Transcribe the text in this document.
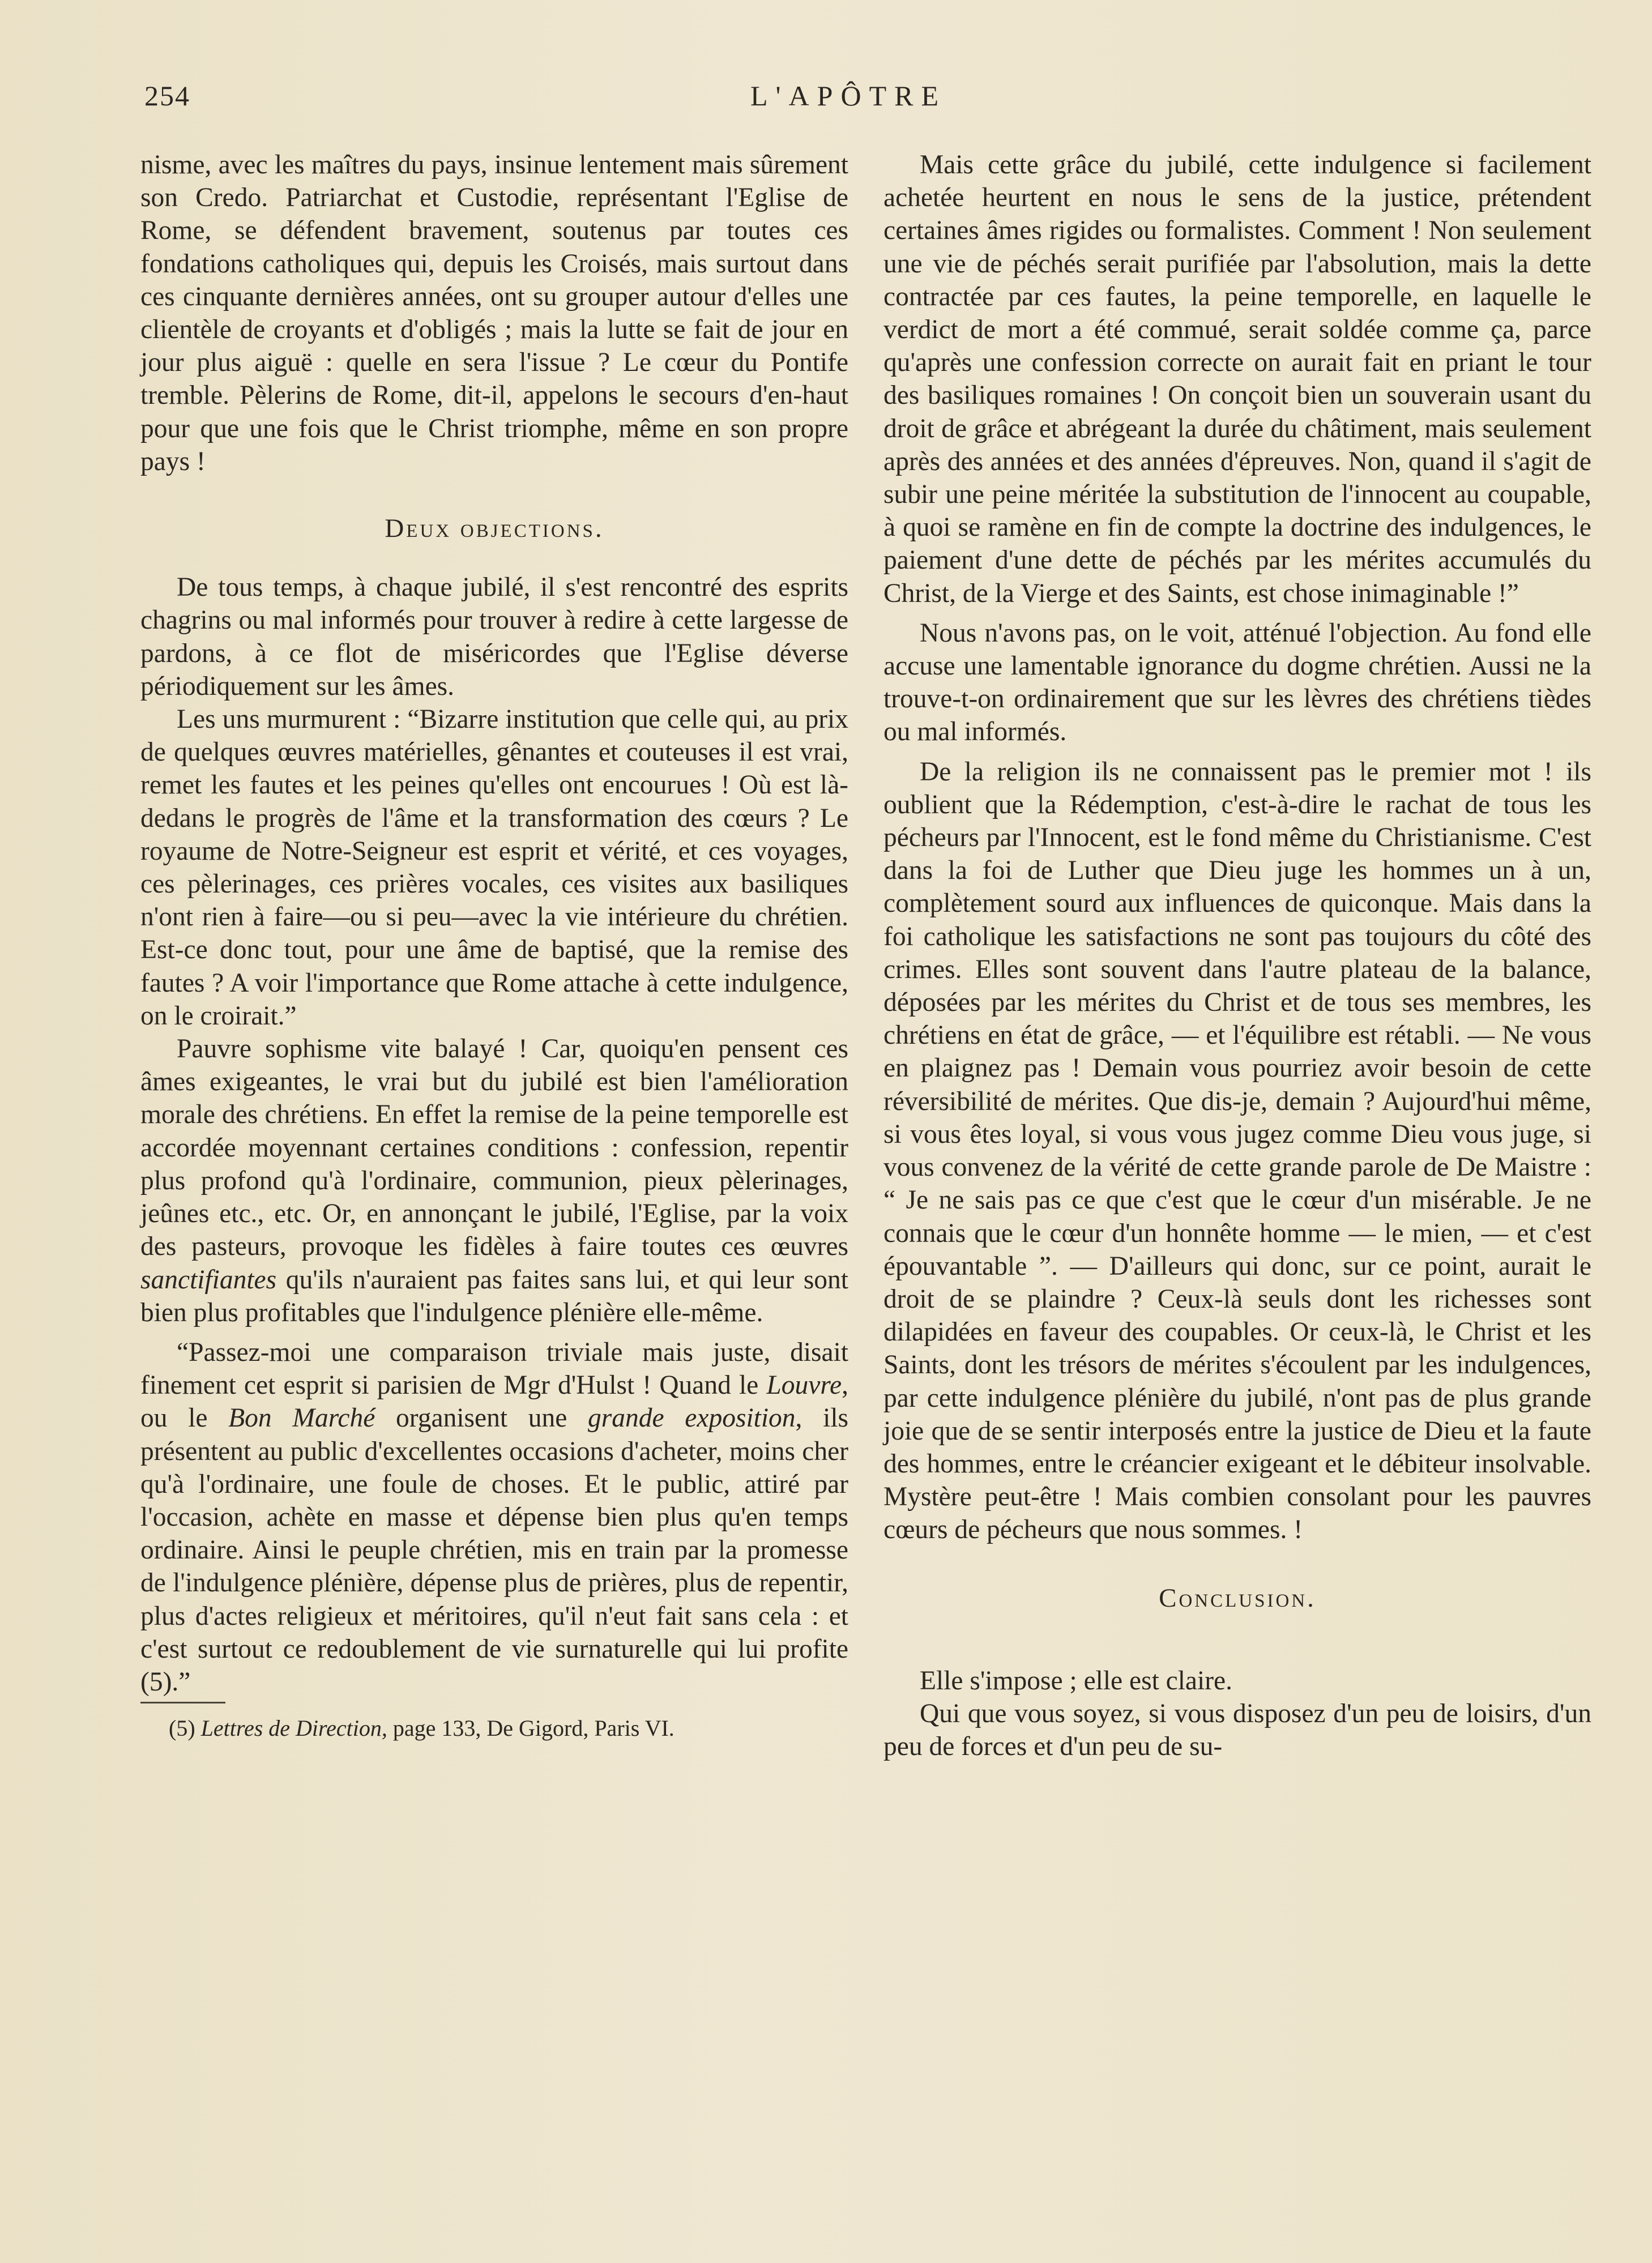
254	L'APÔTRE

nisme, avec les maîtres du pays, insinue lentement mais sûrement son Credo. Patriarchat et Custodie, représentant l'Eglise de Rome, se défendent bravement, soutenus par toutes ces fondations catholiques qui, depuis les Croisés, mais surtout dans ces cinquante dernières années, ont su grouper autour d'elles une clientèle de croyants et d'obligés ; mais la lutte se fait de jour en jour plus aiguë : quelle en sera l'issue ? Le cœur du Pontife tremble. Pèlerins de Rome, dit-il, appelons le secours d'en-haut pour que une fois que le Christ triomphe, même en son propre pays !

Deux objections.

De tous temps, à chaque jubilé, il s'est rencontré des esprits chagrins ou mal informés pour trouver à redire à cette largesse de pardons, à ce flot de miséricordes que l'Eglise déverse périodiquement sur les âmes.

Les uns murmurent : “Bizarre institution que celle qui, au prix de quelques œuvres matérielles, gênantes et couteuses il est vrai, remet les fautes et les peines qu'elles ont encourues ! Où est là-dedans le progrès de l'âme et la transformation des cœurs ? Le royaume de Notre-Seigneur est esprit et vérité, et ces voyages, ces pèlerinages, ces prières vocales, ces visites aux basiliques n'ont rien à faire—ou si peu—avec la vie intérieure du chrétien. Est-ce donc tout, pour une âme de baptisé, que la remise des fautes ? A voir l'importance que Rome attache à cette indulgence, on le croirait.”

Pauvre sophisme vite balayé ! Car, quoiqu'en pensent ces âmes exigeantes, le vrai but du jubilé est bien l'amélioration morale des chrétiens. En effet la remise de la peine temporelle est accordée moyennant certaines conditions : confession, repentir plus profond qu'à l'ordinaire, communion, pieux pèlerinages, jeûnes etc., etc. Or, en annonçant le jubilé, l'Eglise, par la voix des pasteurs, provoque les fidèles à faire toutes ces œuvres sanctifiantes qu'ils n'auraient pas faites sans lui, et qui leur sont bien plus profitables que l'indulgence plénière elle-même.

“Passez-moi une comparaison triviale mais juste, disait finement cet esprit si parisien de Mgr d'Hulst ! Quand le Louvre, ou le Bon Marché organisent une grande exposition, ils présentent au public d'excellentes occasions d'acheter, moins cher qu'à l'ordinaire, une foule de choses. Et le public, attiré par l'occasion, achète en masse et dépense bien plus qu'en temps ordinaire. Ainsi le peuple chrétien, mis en train par la promesse de l'indulgence plénière, dépense plus de prières, plus de repentir, plus d'actes religieux et méritoires, qu'il n'eut fait sans cela : et c'est surtout ce redoublement de vie surnaturelle qui lui profite (5).”

(5) Lettres de Direction, page 133, De Gigord, Paris VI.

Mais cette grâce du jubilé, cette indulgence si facilement achetée heurtent en nous le sens de la justice, prétendent certaines âmes rigides ou formalistes. Comment ! Non seulement une vie de péchés serait purifiée par l'absolution, mais la dette contractée par ces fautes, la peine temporelle, en laquelle le verdict de mort a été commué, serait soldée comme ça, parce qu'après une confession correcte on aurait fait en priant le tour des basiliques romaines ! On conçoit bien un souverain usant du droit de grâce et abrégeant la durée du châtiment, mais seulement après des années et des années d'épreuves. Non, quand il s'agit de subir une peine méritée la substitution de l'innocent au coupable, à quoi se ramène en fin de compte la doctrine des indulgences, le paiement d'une dette de péchés par les mérites accumulés du Christ, de la Vierge et des Saints, est chose inimaginable !”

Nous n'avons pas, on le voit, atténué l'objection. Au fond elle accuse une lamentable ignorance du dogme chrétien. Aussi ne la trouve-t-on ordinairement que sur les lèvres des chrétiens tièdes ou mal informés.

De la religion ils ne connaissent pas le premier mot ! ils oublient que la Rédemption, c'est-à-dire le rachat de tous les pécheurs par l'Innocent, est le fond même du Christianisme. C'est dans la foi de Luther que Dieu juge les hommes un à un, complètement sourd aux influences de quiconque. Mais dans la foi catholique les satisfactions ne sont pas toujours du côté des crimes. Elles sont souvent dans l'autre plateau de la balance, déposées par les mérites du Christ et de tous ses membres, les chrétiens en état de grâce, — et l'équilibre est rétabli. — Ne vous en plaignez pas ! Demain vous pourriez avoir besoin de cette réversibilité de mérites. Que dis-je, demain ? Aujourd'hui même, si vous êtes loyal, si vous vous jugez comme Dieu vous juge, si vous convenez de la vérité de cette grande parole de De Maistre : “ Je ne sais pas ce que c'est que le cœur d'un misérable. Je ne connais que le cœur d'un honnête homme — le mien, — et c'est épouvantable ”. — D'ailleurs qui donc, sur ce point, aurait le droit de se plaindre ? Ceux-là seuls dont les richesses sont dilapidées en faveur des coupables. Or ceux-là, le Christ et les Saints, dont les trésors de mérites s'écoulent par les indulgences, par cette indulgence plénière du jubilé, n'ont pas de plus grande joie que de se sentir interposés entre la justice de Dieu et la faute des hommes, entre le créancier exigeant et le débiteur insolvable. Mystère peut-être ! Mais combien consolant pour les pauvres cœurs de pécheurs que nous sommes. !

Conclusion.

Elle s'impose ; elle est claire.

Qui que vous soyez, si vous disposez d'un peu de loisirs, d'un peu de forces et d'un peu de su-
